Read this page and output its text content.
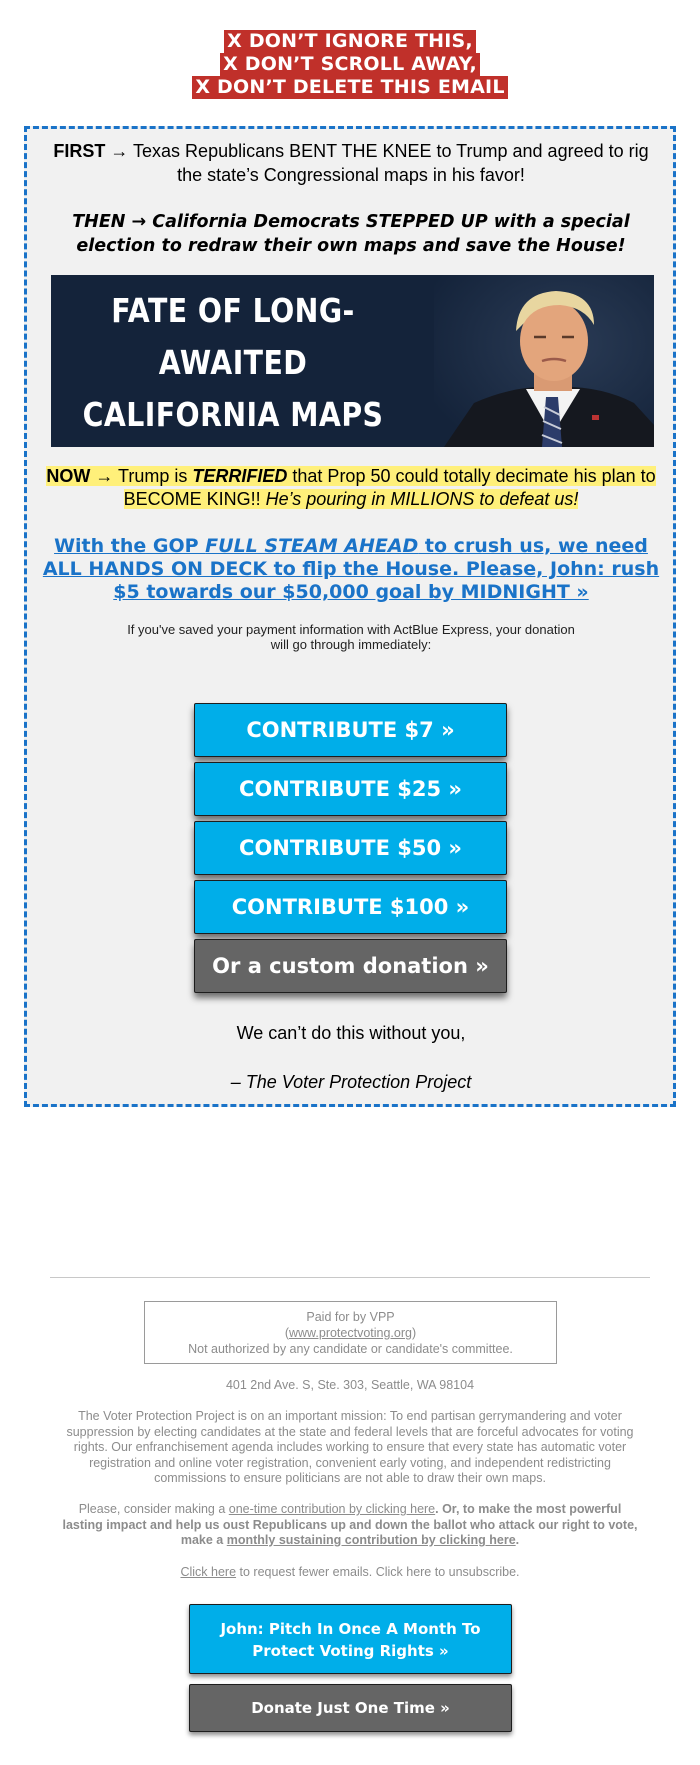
X DON’T IGNORE THIS,
X DON’T SCROLL AWAY,
X DON’T DELETE THIS EMAIL

FIRST → Texas Republicans BENT THE KNEE to Trump and agreed to rig the state’s Congressional maps in his favor!

THEN → California Democrats STEPPED UP with a special election to redraw their own maps and save the House!

FATE OF LONG-AWAITED
CALIFORNIA MAPS

NOW → Trump is TERRIFIED that Prop 50 could totally decimate his plan to BECOME KING!! He’s pouring in MILLIONS to defeat us!

With the GOP FULL STEAM AHEAD to crush us, we need ALL HANDS ON DECK to flip the House. Please, John: rush $5 towards our $50,000 goal by MIDNIGHT »

If you've saved your payment information with ActBlue Express, your donation will go through immediately:

CONTRIBUTE $7 »
CONTRIBUTE $25 »
CONTRIBUTE $50 »
CONTRIBUTE $100 »
Or a custom donation »

We can’t do this without you,

– The Voter Protection Project

Paid for by VPP
(www.protectvoting.org)
Not authorized by any candidate or candidate's committee.

401 2nd Ave. S, Ste. 303, Seattle, WA 98104

The Voter Protection Project is on an important mission: To end partisan gerrymandering and voter suppression by electing candidates at the state and federal levels that are forceful advocates for voting rights. Our enfranchisement agenda includes working to ensure that every state has automatic voter registration and online voter registration, convenient early voting, and independent redistricting commissions to ensure politicians are not able to draw their own maps.

Please, consider making a one-time contribution by clicking here. Or, to make the most powerful lasting impact and help us oust Republicans up and down the ballot who attack our right to vote, make a monthly sustaining contribution by clicking here.

Click here to request fewer emails. Click here to unsubscribe.

John: Pitch In Once A Month To Protect Voting Rights »
Donate Just One Time »
